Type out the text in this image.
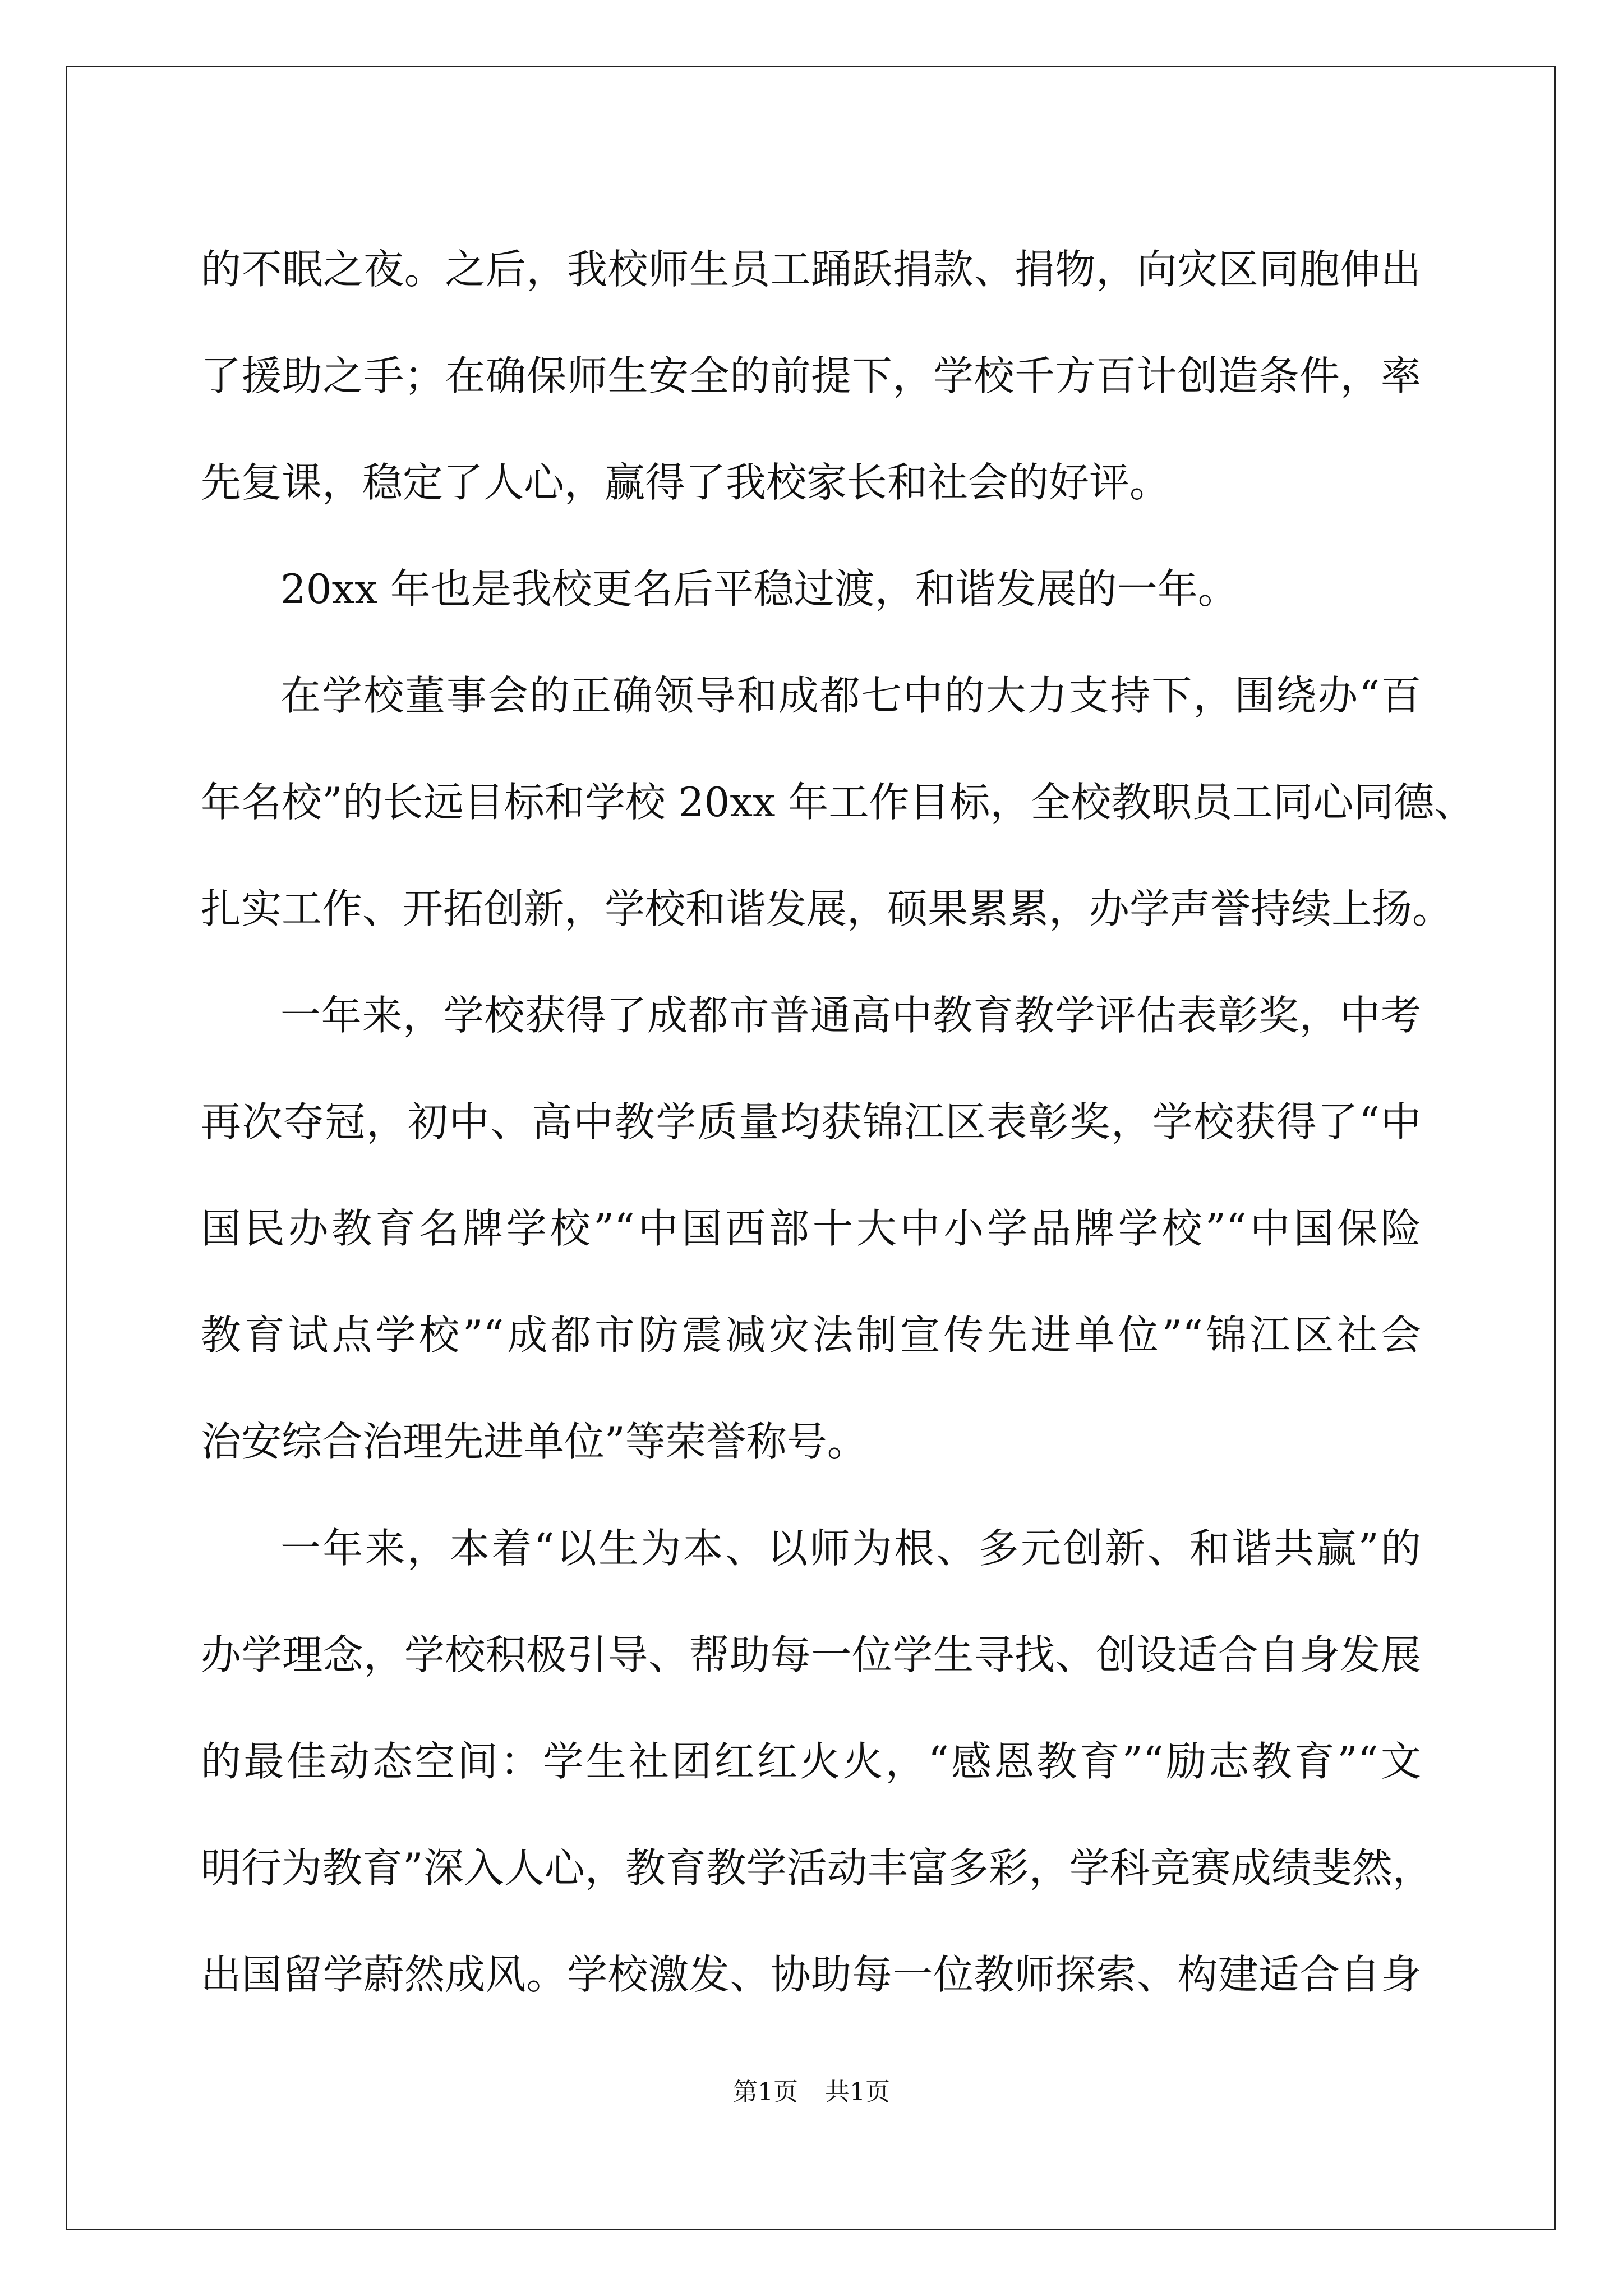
的不眠之夜。之后，我校师生员工踊跃捐款、捐物，向灾区同胞伸出
了援助之手；在确保师生安全的前提下，学校千方百计创造条件，率
先复课，稳定了人心，赢得了我校家长和社会的好评。
20xx 年也是我校更名后平稳过渡，和谐发展的一年。
在学校董事会的正确领导和成都七中的大力支持下，围绕办“百
年名校”的长远目标和学校 20xx 年工作目标，全校教职员工同心同德、
扎实工作、开拓创新，学校和谐发展，硕果累累，办学声誉持续上扬。
一年来，学校获得了成都市普通高中教育教学评估表彰奖，中考
再次夺冠，初中、高中教学质量均获锦江区表彰奖，学校获得了“中
国民办教育名牌学校”“中国西部十大中小学品牌学校”“中国保险
教育试点学校”“成都市防震减灾法制宣传先进单位”“锦江区社会
治安综合治理先进单位”等荣誉称号。
一年来，本着“以生为本、以师为根、多元创新、和谐共赢”的
办学理念，学校积极引导、帮助每一位学生寻找、创设适合自身发展
的最佳动态空间：学生社团红红火火，“感恩教育”“励志教育”“文
明行为教育”深入人心，教育教学活动丰富多彩，学科竞赛成绩斐然，
出国留学蔚然成风。学校激发、协助每一位教师探索、构建适合自身
第1页 共1页
